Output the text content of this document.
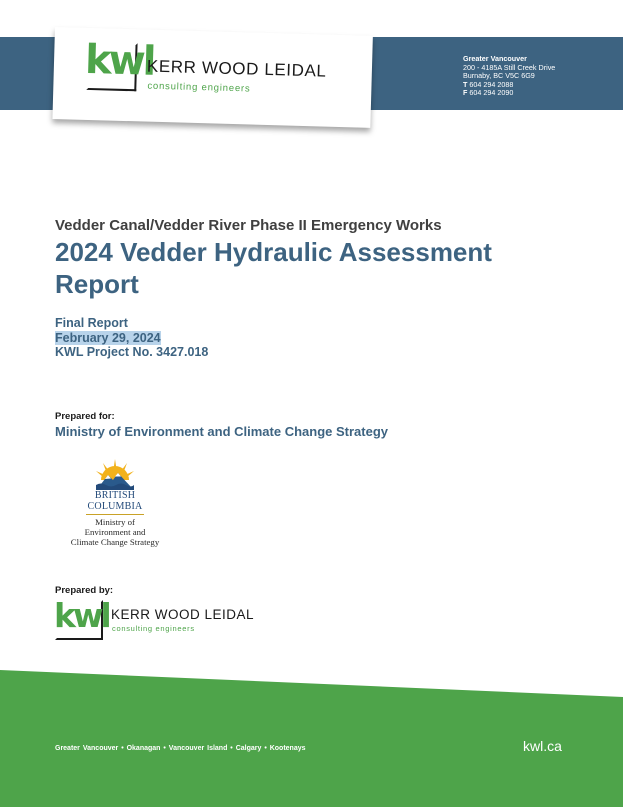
kwl
KERR WOOD LEIDAL
consulting engineers
Greater Vancouver
200 - 4185A Still Creek Drive
Burnaby, BC V5C 6G9
T 604 294 2088
F 604 294 2090
Vedder Canal/Vedder River Phase II Emergency Works
2024 Vedder Hydraulic Assessment Report
Final Report
February 29, 2024
KWL Project No. 3427.018
Prepared for:
Ministry of Environment and Climate Change Strategy
BRITISH
COLUMBIA
Ministry of
Environment and
Climate Change Strategy
Prepared by:
kwl KERR WOOD LEIDAL
consulting engineers
Greater Vancouver • Okanagan • Vancouver Island • Calgary • Kootenays	kwl.ca
